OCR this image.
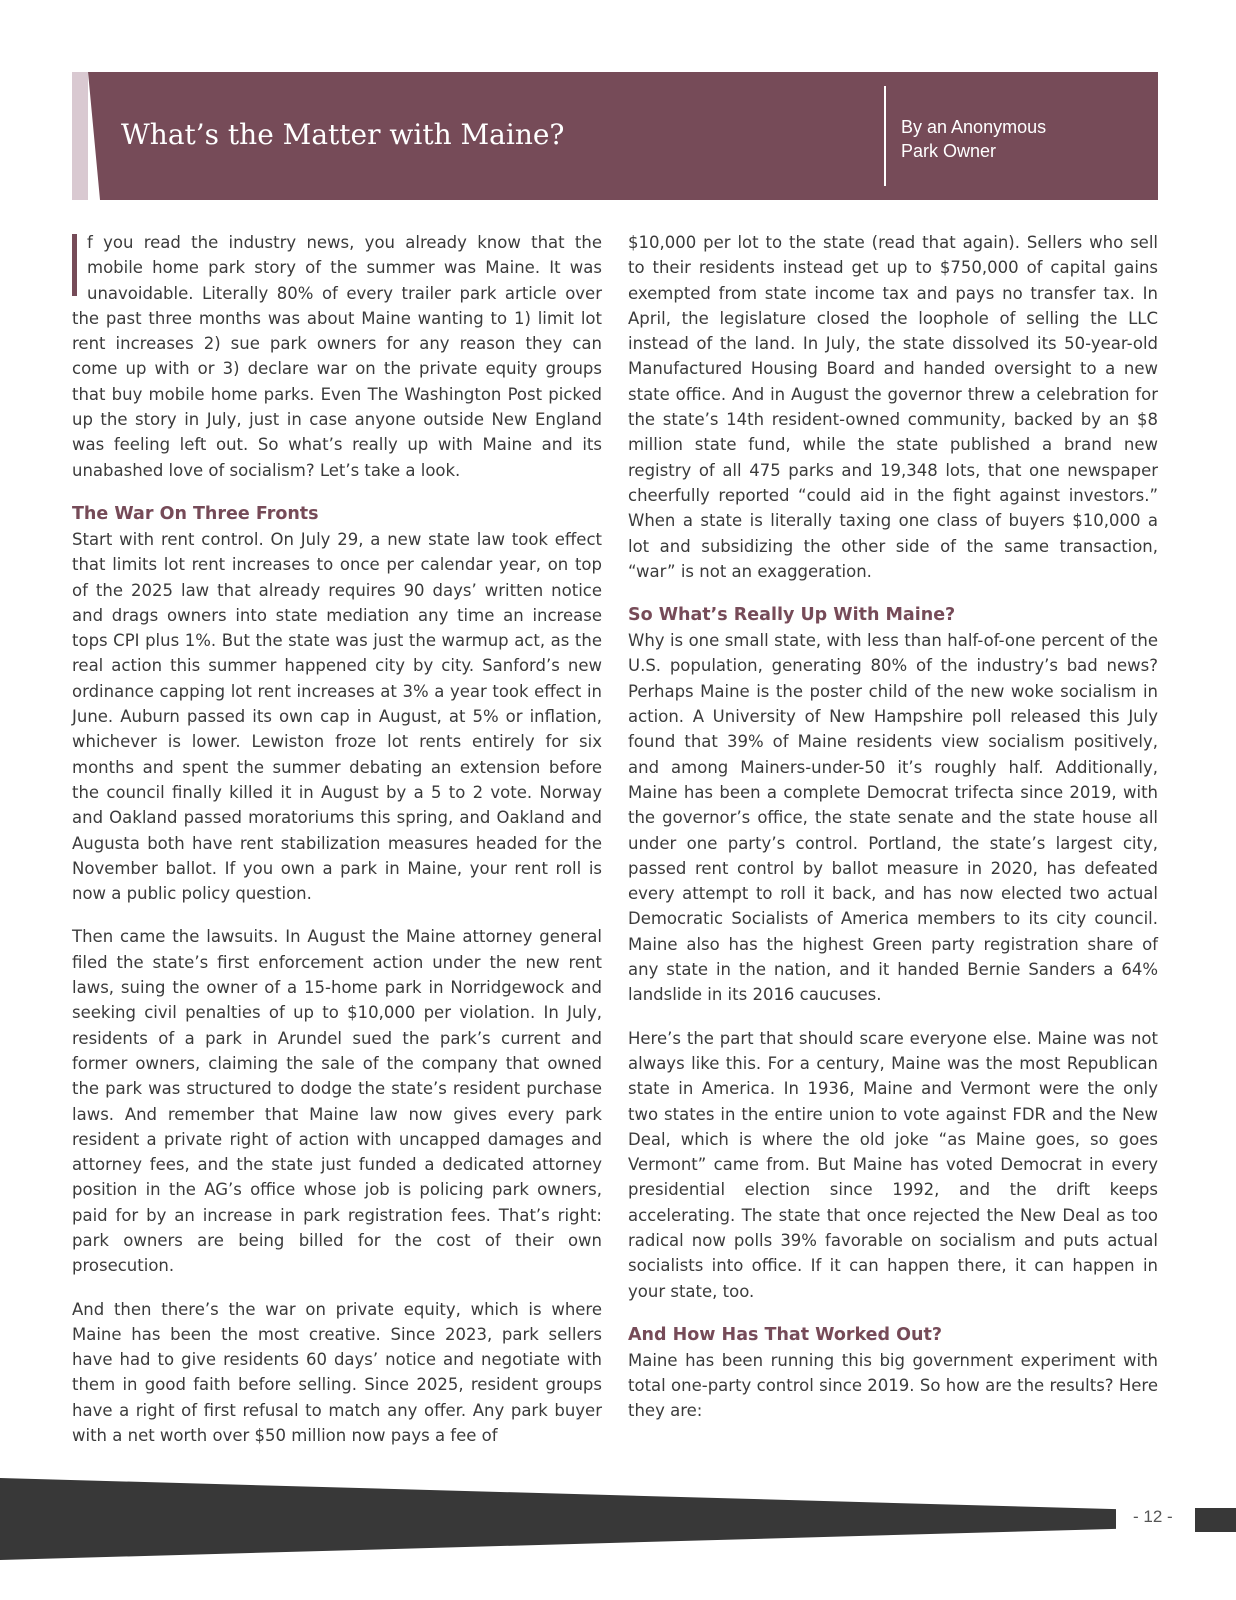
What’s the Matter with Maine?	By an Anonymous
Park Owner

f you read the industry news, you already know that the mobile home park story of the summer was Maine. It was unavoidable. Literally 80% of every trailer park article over the past three months was about Maine wanting to 1) limit lot rent increases 2) sue park owners for any reason they can come up with or 3) declare war on the private equity groups that buy mobile home parks. Even The Washington Post picked up the story in July, just in case anyone outside New England was feeling left out. So what’s really up with Maine and its unabashed love of socialism? Let’s take a look.

The War On Three Fronts

Start with rent control. On July 29, a new state law took effect that limits lot rent increases to once per calendar year, on top of the 2025 law that already requires 90 days’ written notice and drags owners into state mediation any time an increase tops CPI plus 1%. But the state was just the warmup act, as the real action this summer happened city by city. Sanford’s new ordinance capping lot rent increases at 3% a year took effect in June. Auburn passed its own cap in August, at 5% or inflation, whichever is lower. Lewiston froze lot rents entirely for six months and spent the summer debating an extension before the council finally killed it in August by a 5 to 2 vote. Norway and Oakland passed moratoriums this spring, and Oakland and Augusta both have rent stabilization measures headed for the November ballot. If you own a park in Maine, your rent roll is now a public policy question.

Then came the lawsuits. In August the Maine attorney general filed the state’s first enforcement action under the new rent laws, suing the owner of a 15-home park in Norridgewock and seeking civil penalties of up to $10,000 per violation. In July, residents of a park in Arundel sued the park’s current and former owners, claiming the sale of the company that owned the park was structured to dodge the state’s resident purchase laws. And remember that Maine law now gives every park resident a private right of action with uncapped damages and attorney fees, and the state just funded a dedicated attorney position in the AG’s office whose job is policing park owners, paid for by an increase in park registration fees. That’s right: park owners are being billed for the cost of their own prosecution.

And then there’s the war on private equity, which is where Maine has been the most creative. Since 2023, park sellers have had to give residents 60 days’ notice and negotiate with them in good faith before selling. Since 2025, resident groups have a right of first refusal to match any offer. Any park buyer with a net worth over $50 million now pays a fee of

$10,000 per lot to the state (read that again). Sellers who sell to their residents instead get up to $750,000 of capital gains exempted from state income tax and pays no transfer tax. In April, the legislature closed the loophole of selling the LLC instead of the land. In July, the state dissolved its 50-year-old Manufactured Housing Board and handed oversight to a new state office. And in August the governor threw a celebration for the state’s 14th resident-owned community, backed by an $8 million state fund, while the state published a brand new registry of all 475 parks and 19,348 lots, that one newspaper cheerfully reported “could aid in the fight against investors.” When a state is literally taxing one class of buyers $10,000 a lot and subsidizing the other side of the same transaction, “war” is not an exaggeration.

So What’s Really Up With Maine?

Why is one small state, with less than half-of-one percent of the U.S. population, generating 80% of the industry’s bad news? Perhaps Maine is the poster child of the new woke socialism in action. A University of New Hampshire poll released this July found that 39% of Maine residents view socialism positively, and among Mainers-under-50 it’s roughly half. Additionally, Maine has been a complete Democrat trifecta since 2019, with the governor’s office, the state senate and the state house all under one party’s control. Portland, the state’s largest city, passed rent control by ballot measure in 2020, has defeated every attempt to roll it back, and has now elected two actual Democratic Socialists of America members to its city council. Maine also has the highest Green party registration share of any state in the nation, and it handed Bernie Sanders a 64% landslide in its 2016 caucuses.

Here’s the part that should scare everyone else. Maine was not always like this. For a century, Maine was the most Republican state in America. In 1936, Maine and Vermont were the only two states in the entire union to vote against FDR and the New Deal, which is where the old joke “as Maine goes, so goes Vermont” came from. But Maine has voted Democrat in every presidential election since 1992, and the drift keeps accelerating. The state that once rejected the New Deal as too radical now polls 39% favorable on socialism and puts actual socialists into office. If it can happen there, it can happen in your state, too.

And How Has That Worked Out?

Maine has been running this big government experiment with total one-party control since 2019. So how are the results? Here they are:

- 12 -
